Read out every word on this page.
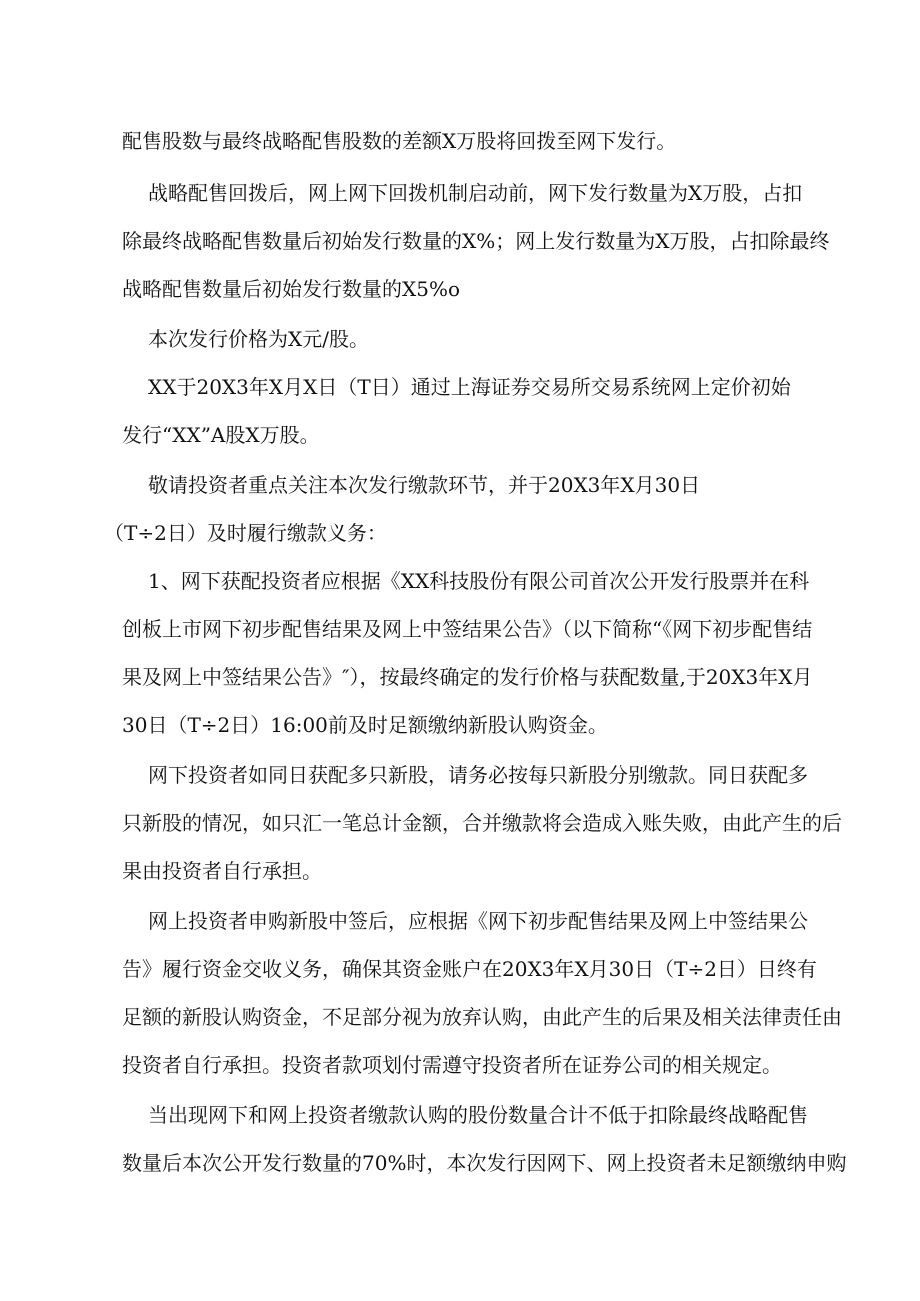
配售股数与最终战略配售股数的差额X万股将回拨至网下发行。
战略配售回拨后，网上网下回拨机制启动前，网下发行数量为X万股，占扣
除最终战略配售数量后初始发行数量的X%；网上发行数量为X万股，占扣除最终
战略配售数量后初始发行数量的X5%o
本次发行价格为X元/股。
XX于20X3年X月X日（T日）通过上海证券交易所交易系统网上定价初始
发行“XX”A股X万股。
敬请投资者重点关注本次发行缴款环节，并于20X3年X月30日
（T÷2日）及时履行缴款义务：
1、网下获配投资者应根据《XX科技股份有限公司首次公开发行股票并在科
创板上市网下初步配售结果及网上中签结果公告》（以下简称“《网下初步配售结
果及网上中签结果公告》″），按最终确定的发行价格与获配数量,于20X3年X月
30日（T÷2日）16:00前及时足额缴纳新股认购资金。
网下投资者如同日获配多只新股，请务必按每只新股分别缴款。同日获配多
只新股的情况，如只汇一笔总计金额，合并缴款将会造成入账失败，由此产生的后
果由投资者自行承担。
网上投资者申购新股中签后，应根据《网下初步配售结果及网上中签结果公
告》履行资金交收义务，确保其资金账户在20X3年X月30日（T÷2日）日终有
足额的新股认购资金，不足部分视为放弃认购，由此产生的后果及相关法律责任由
投资者自行承担。投资者款项划付需遵守投资者所在证券公司的相关规定。
当出现网下和网上投资者缴款认购的股份数量合计不低于扣除最终战略配售
数量后本次公开发行数量的70%时，本次发行因网下、网上投资者未足额缴纳申购
